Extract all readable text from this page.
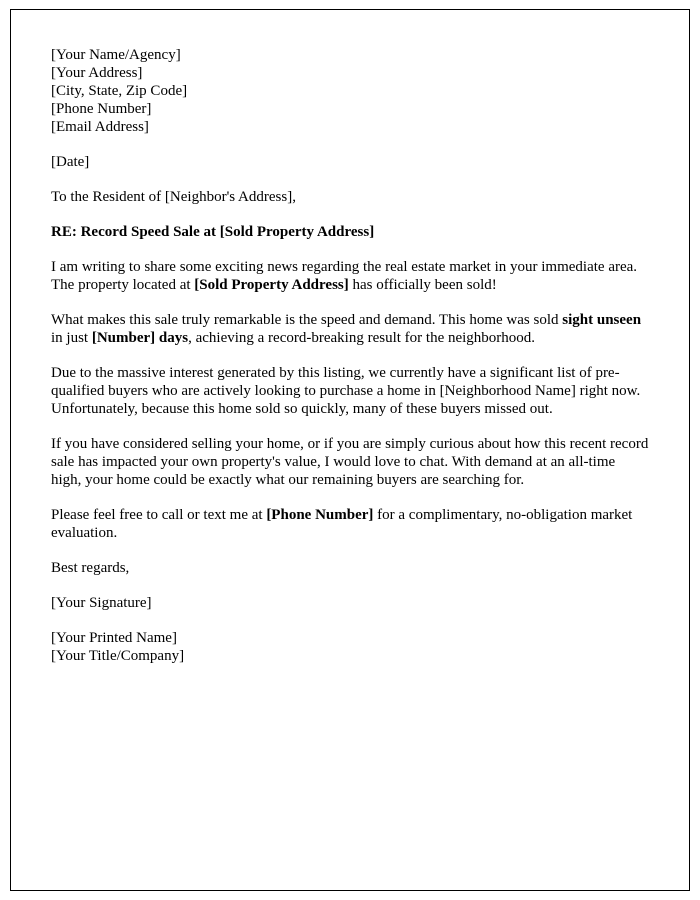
[Your Name/Agency]
[Your Address]
[City, State, Zip Code]
[Phone Number]
[Email Address]

[Date]

To the Resident of [Neighbor's Address],

RE: Record Speed Sale at [Sold Property Address]

I am writing to share some exciting news regarding the real estate market in your immediate area. The property located at [Sold Property Address] has officially been sold!

What makes this sale truly remarkable is the speed and demand. This home was sold sight unseen in just [Number] days, achieving a record-breaking result for the neighborhood.

Due to the massive interest generated by this listing, we currently have a significant list of pre-qualified buyers who are actively looking to purchase a home in [Neighborhood Name] right now. Unfortunately, because this home sold so quickly, many of these buyers missed out.

If you have considered selling your home, or if you are simply curious about how this recent record sale has impacted your own property's value, I would love to chat. With demand at an all-time high, your home could be exactly what our remaining buyers are searching for.

Please feel free to call or text me at [Phone Number] for a complimentary, no-obligation market evaluation.

Best regards,

[Your Signature]

[Your Printed Name]
[Your Title/Company]
